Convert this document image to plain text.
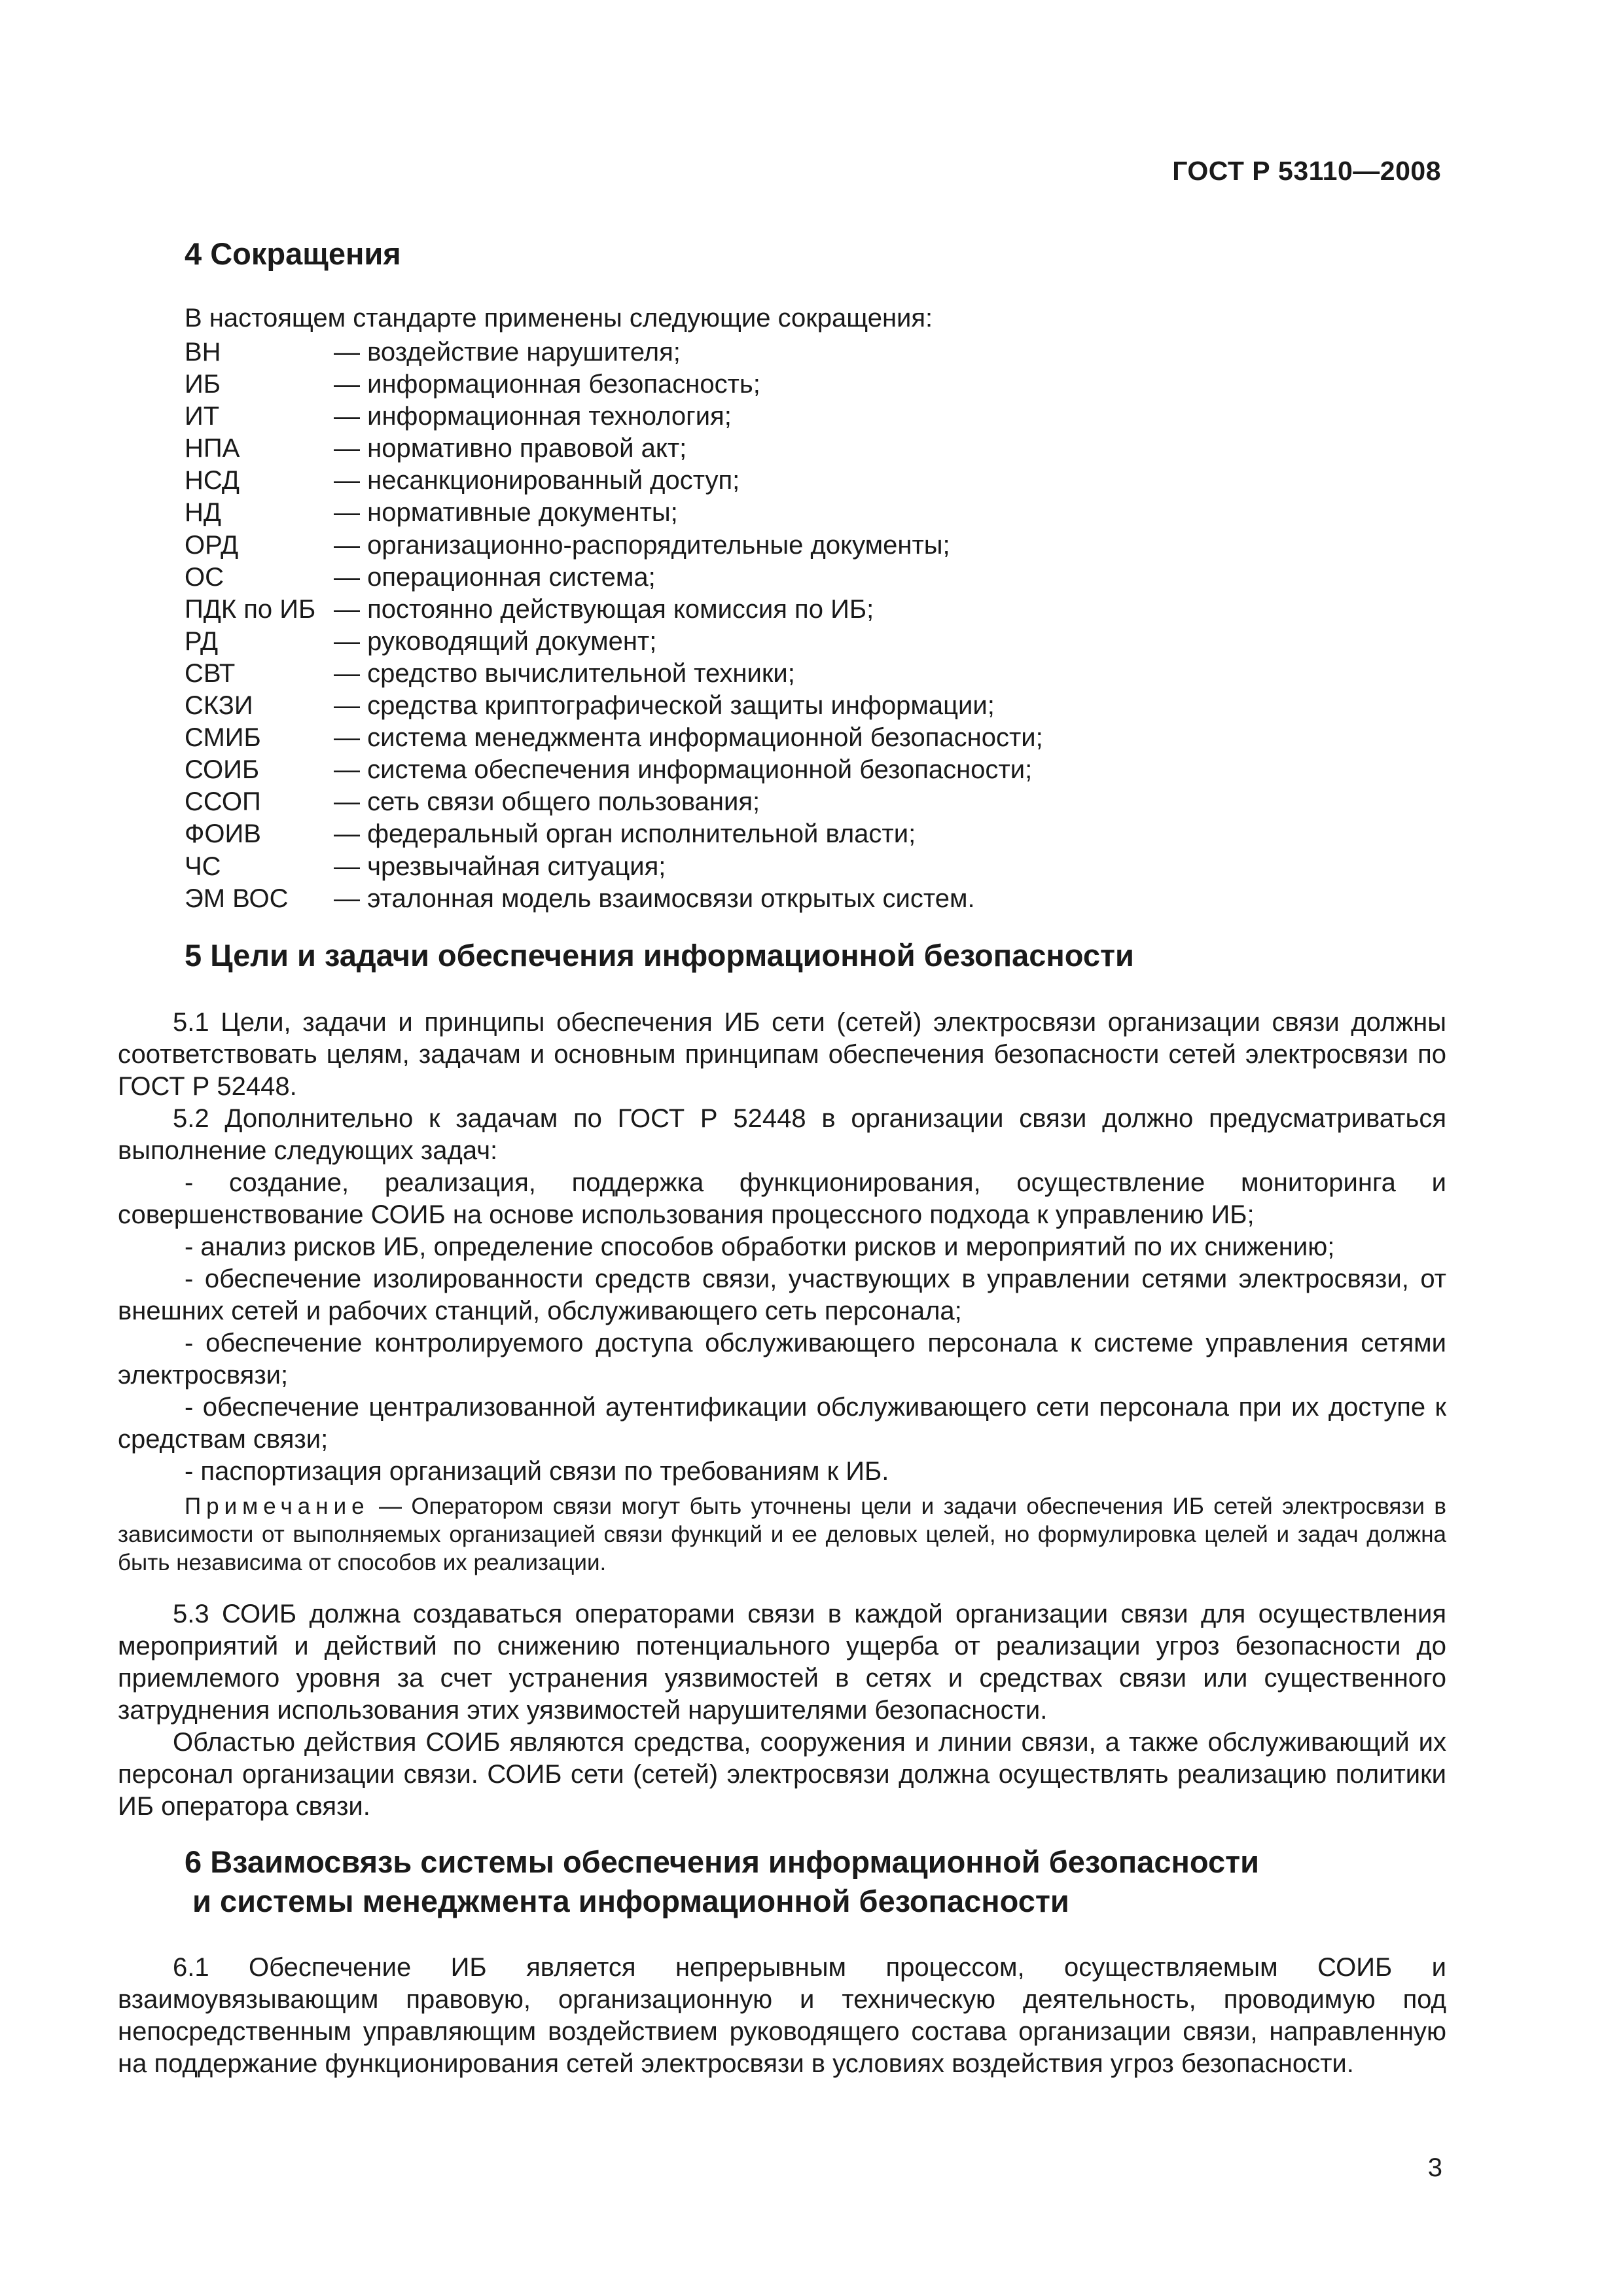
ГОСТ Р 53110—2008
4 Сокращения
В настоящем стандарте применены следующие сокращения:
ВН	— воздействие нарушителя;
ИБ	— информационная безопасность;
ИТ	— информационная технология;
НПА	— нормативно правовой акт;
НСД	— несанкционированный доступ;
НД	— нормативные документы;
ОРД	— организационно-распорядительные документы;
ОС	— операционная система;
ПДК по ИБ — постоянно действующая комиссия по ИБ;
РД	— руководящий документ;
СВТ	— средство вычислительной техники;
СКЗИ	— средства криптографической защиты информации;
СМИБ	— система менеджмента информационной безопасности;
СОИБ	— система обеспечения информационной безопасности;
ССОП	— сеть связи общего пользования;
ФОИВ	— федеральный орган исполнительной власти;
ЧС	— чрезвычайная ситуация;
ЭМ ВОС	— эталонная модель взаимосвязи открытых систем.
5 Цели и задачи обеспечения информационной безопасности

5.1 Цели, задачи и принципы обеспечения ИБ сети (сетей) электросвязи организации связи должны соответствовать целям, задачам и основным принципам обеспечения безопасности сетей электросвязи по ГОСТ Р 52448.

5.2 Дополнительно к задачам по ГОСТ Р 52448 в организации связи должно предусматриваться выполнение следующих задач:

- создание, реализация, поддержка функционирования, осуществление мониторинга и совершенствование СОИБ на основе использования процессного подхода к управлению ИБ;

- анализ рисков ИБ, определение способов обработки рисков и мероприятий по их снижению;

- обеспечение изолированности средств связи, участвующих в управлении сетями электросвязи, от внешних сетей и рабочих станций, обслуживающего сеть персонала;

- обеспечение контролируемого доступа обслуживающего персонала к системе управления сетями электросвязи;

- обеспечение централизованной аутентификации обслуживающего сети персонала при их доступе к средствам связи;

- паспортизация организаций связи по требованиям к ИБ.

Примечание — Оператором связи могут быть уточнены цели и задачи обеспечения ИБ сетей электросвязи в зависимости от выполняемых организацией связи функций и ее деловых целей, но формулировка целей и задач должна быть независима от способов их реализации.

5.3 СОИБ должна создаваться операторами связи в каждой организации связи для осуществления мероприятий и действий по снижению потенциального ущерба от реализации угроз безопасности до приемлемого уровня за счет устранения уязвимостей в сетях и средствах связи или существенного затруднения использования этих уязвимостей нарушителями безопасности.

Областью действия СОИБ являются средства, сооружения и линии связи, а также обслуживающий их персонал организации связи. СОИБ сети (сетей) электросвязи должна осуществлять реализацию политики ИБ оператора связи.

6 Взаимосвязь системы обеспечения информационной безопасности
и системы менеджмента информационной безопасности

6.1 Обеспечение ИБ является непрерывным процессом, осуществляемым СОИБ и взаимоувязывающим правовую, организационную и техническую деятельность, проводимую под непосредственным управляющим воздействием руководящего состава организации связи, направленную на поддержание функционирования сетей электросвязи в условиях воздействия угроз безопасности.

3
